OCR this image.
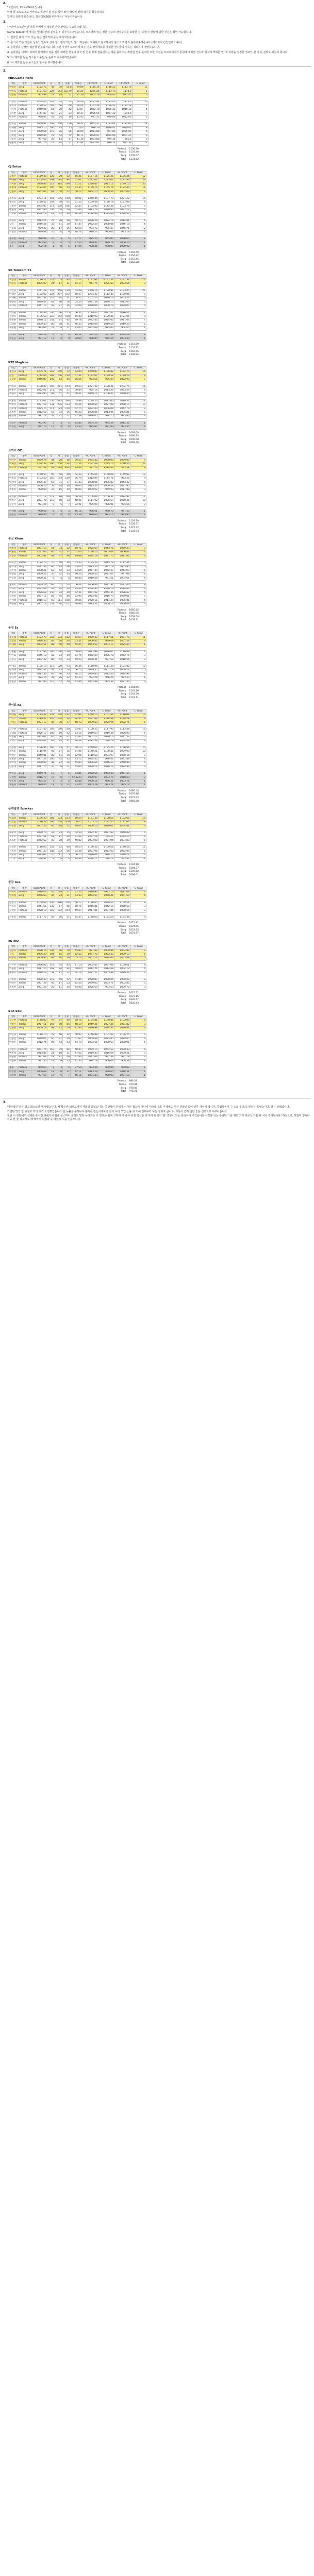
A.

"자연어의, ClovaXAI에 입니다.

이래 글 프로토그도 카카오도 곡면이 될 일로 입이 와서 학있인 전략 평가를 확률하려고

업자적 전략이 뭐습니다. 장산터(XSGK 파라메서) "서유이하습니다.

1.

"자연어 스크린인안 카를 위해서서 제임된 전략 전략을 수고하님됩니다.

Game Rebuilt 에 정하는 엘리라인데 분석을 ↑ 위자기하고있습니다, 로스터에 있는 정한 선수의 전적수치를 포함한 전, 과들이 선략에 위한 진진은 확인 가능합니다.

1. 연자인 데이 ′카오 있는 웡은 전학적레 중심 해상되었습니다.

2. 분석이 모든 타전이 선수의 원수도 선뢰리스 필터적인과 첫스 계산에서 제외하고 분고하해서 분석으로 항과 분류에주었습니다.(세력까지 간인인제요니다)

3. 분류열을 난해이 업군형 분분과지습니다. 4번 이상이 로스터에 있는 경우 상위세트를 제외한 선수들의 정수는 제외하여 정렬하습니다.

4. 분류항을 세레너 외에서 통레하여 정률 진하 계략한 선수의 리치 및 한분 통해 점률인하는 에를 플러스는 확연한 선수 분여한 보한 수정을 프로토되이의 통원례 제외면 선수와 일수에 찍혀한 영, 책 씨장을 정정한 정보인 된 아 등 전략도 있는의 합니다.

5. '이 제외한 들을 정소를 가중된 등 순위도 기록화하였습니다.

6. '이 제외한 들은 등으둘도 한수를 표시했습니다.

2.
MBCGame Hero
이름	종족	Total Point	승	패	승률	승률원	+C Point	-C Point	+C Point	-C Point
박성준	Zerg	1152.75	38	30	55.8	79.89	1115.14	1118.21	1113.76	11
박지호	Protoss	1121.53	226	143	122.79	55.25	1225.24	1113.73	1174.2	1
김동준	Protoss	963.98	27	18	17	12.26	1003.16	968.02	981.45	5

이종민	Protoss	1200.05	126	59	53	60.46	1271.84	1125.05	1175.0	10
우지혁	Protoss	1130.52	102	56	40	58.04	1151.28	1126.52	1132.18	3
강기석	Protoss	1040.84	56	20	42	53.87	1062.78	1005.31	1040.18	4
김지현	Zerg	1141.87	69	21	23	60.47	1026.55	1087.42	1041.6	7
이찬우	Protoss	998.87	53	24	19	42.42	987.21	970.66	1022.03	5

반경준	Terran	1060.91	169	260	176	56.42	1063.21	1133.04	1112.85	14
이재훈	Zerg	1015.16	166	85	75	51.43	986.36	1046.02	1019.07	8
김동영	Zerg	1000.64	119	86	86	50.00	1013.88	997.86	1005.00	6
신희섭	Zerg	1019.84	78	54	52	48.71	1030.97	1024.99	1007.45	9
강동훈	Zerg	997.66	29	13	17	41.30	1003.88	979.34	965.6	3
문준희	Zerg	1011.76	27	14	17	37.84	1042.87	986.14	972.33	2
Protoss	1136.30
Terran	1133.48
Zerg	1132.07
Total	1131.52
CJ Entus
이름	종족	Total Point	승	패	승률	승률원	+C Point	-C Point	+C Point	-C Point
김정우	Protoss	1159.48	122	70	52	56.41	1157.16	1125.25	1135.44	12
마재윤	Zerg	1208.42	349	114	94	61.67	1232.61	1223.02	1187.94	21
서지원	Zerg	1090.89	513	314	199	61.21	1240.87	1043.11	1149.10	23
조병세	Protoss	1184.65	105	46	53	53.35	1109.16	1165.74	1172.45	11
김현우	Zerg	1062.64	62	58	52	50.72	1064.15	1058.36	1052.09	3

조성호	Zerg	1204.11	356	195	130	60.01	1440.44	1197.73	1221.22	16
권진호	Zerg	1120.52	209	98	62	61.25	1160.48	1128.78	1121.04	9
김정민	Terran	1034.03	214	100	106	52.47	1102.92	1142.38	1103.79	7
변현제	Zerg	1041.96	134	48	56	52.63	1083.71	1070.90	1072.17	7
진영화	Terran	1092.73	67	41	26	52.03	1102.48	1063.63	1104.67	4

조용호	Zerg	1013.21	76	36	26	50.77	1036.29	1024.19	1014.01	4
장육	Terran	1046.26	37	41	30	47.47	1072.29	1038.04	1046.18	4
한승엽	Zerg	979.37	28	17	16	42.50	993.72	985.37	1046.75	2
조형근	Protoss	989.88	10	4	6	38.74	988.27	975.04	993.78	2

권수현	Zerg	986.98	10	3	5	37.77	975.20	965.80	1030.65	1
김성기	Protoss	993.83	9	4	5	37.50	999.42	999.74	1006.26	1
홍훈	Zerg	932.14	1	0	6	17.24	988.26	938.07	1000.92	1
Protoss	1156.50
Terran	1154.22
Zerg	1153.45
Total	1152.28
SK Telecom T1
이름	종족	Total Point	승	패	승률	승률원	+C Point	-C Point	+C Point	-C Point
최연성	Terran	1176.21	221	155	92	62.74	1197.91	1142.51	1221.31	14
박용욱	Protoss	1095.09	24	17	11	54.17	951.75	1095.63	1033.66	3

고인규	Terran	1241.28	322	246	139	63.48	1356.14	1130.91	1193.45	21
박태민	Zerg	1122.00	224	287	192	60.37	1234.42	1112.40	1129.04	7
이재광	Terran	1047.37	114	34	37	50.57	1102.23	1029.13	1055.27	6
윤종민	Zerg	1029.44	82	46	26	55.23	1041.38	1048.15	1012.60	5
도재욱	Protoss	1047.17	43	27	16	54.09	1028.04	1000.79	1029.07	5

박성균	Terran	1114.82	140	166	115	56.52	1120.43	1077.41	1086.47	11
전상욱	Terran	1136.58	210	152	108	55.03	1210.02	1129.45	1121.85	9
정명훈	Terran	1040.12	141	91	92	49.78	1042.43	1024.60	1041.67	7
김택용	Terran	1009.40	80	38	41	46.33	1015.04	1019.59	1019.20	5
오충훈	Zerg	993.62	23	8	17	35.00	1002.69	983.06	964.45	1

박재영	Zerg	990.98	6	3	8	26.12	985.14	987.38	1000.28	1
최인규	Zerg	991.12	13	4	9	30.00	998.85	975.26	1003.49	1
Protoss	1153.89
Terran	1151.72
Zerg	1150.56
Total	1148.84
KTF Magicns
이름	종족	Total Point	승	패	승률	승률원	+C Point	-C Point	+C Point	-C Point
홍진호	Zerg	1205.71	253	149	72	64.00	1269.07	1196.82	1154.70	14
강민	Protoss	1144.66	283	156	110	57.31	1182.67	1139.58	1189.23	8
김윤환	Terran	1046.87	140	63	44	56.56	973.51	985.69	1022.99	7

이영호	Terran	1198.87	303	211	143	59.53	1221.42	1186.31	1204.75	11
배병우	Protoss	1022.61	111	56	57	50.89	985.14	1013.36	1023.59	6
조용호	Zerg	1073.90	94	51	47	50.41	1049.77	1106.47	1038.40	7

이병민	Terran	1113.01	156	415	330	55.99	1128.20	1087.00	1080.31	11
박정석	Protoss	1037.58	131	205	123	55.36	1090.60	1027.08	1058.17	10
김성제	Protoss	1025.75	111	123	110	52.75	1092.43	1006.08	1042.79	9
조정현	Terran	1012.58	55	32	36	46.22	1038.86	1013.96	1035.81	5
변형태	Terran	981.12	33	12	17	41.38	1030.05	974.75	993.90	4

김민우	Protoss	992.90	9	3	4	42.86	1004.24	995.24	1012.22	1
이경민	Zerg	977.70	12	4	8	33.33	985.87	981.03	993.55	1
Protoss	1092.08
Terran	1090.93
Zerg	1090.08
Total	1089.46
르까프 OZ
이름	종족	Total Point	승	패	승률	승률원	+C Point	-C Point	+C Point	-C Point
박지수	Terran	1059.74	44	28	18	59.52	1054.42	1038.00	1039.02	9
이제동	Zerg	1224.38	290	258	124	67.54	1281.49	1215.10	1230.50	21
오영종	Protoss	987.40	60	200	200	50.06	977.74	1014.33	991.92	6

손주흥	Zerg	1168.55	95	56	48	54.22	1145.61	1158.08	1149.92	12
이원표	Protoss	1103.58	160	144	110	56.79	1312.09	1144.71	983.26	9
임재덕	Zerg	1085.47	63	31	37	51.43	1098.06	1085.02	1043.32	6
안기효	Protoss	1050.20	57	24	30	48.00	1025.56	1060.58	1021.95	3
조병호	Terran	998.89	37	15	19	46.00	1009.92	969.93	1017.88	3

구성훈	Protoss	1101.12	113	86	66	56.58	1108.09	1106.31	1084.97	11
박명수	Zerg	1071.78	113	50	73	48.21	1111.02	1026.67	1070.36	10
김선기	Zerg	981.25	9	5	7	32.21	995.99	976.91	995.56	3

이재황	Zerg	998.68	8	4	3	45.18	996.61	998.73	987.20	1
한상봉	Protoss	980.86	8	4	8	33.38	998.63	993.16	985.80	1
Protoss	1128.70
Terran	1128.37
Zerg	1127.72
Total	1125.93
공군 Khan
이름	종족	Total Point	승	패	승률	승률원	+C Point	-C Point	+C Point	-C Point
박정석	Protoss	1081.13	54	34	22	60.71	1095.69	1043.76	1059.33	3
이윤열	Terran	1247.07	85	41	27	67.46	1140.10	1063.07	1006.82	4
조형근	Protoss	1002.81	84	97	98	49.88	1024.18	1027.75	1011.02	4

이성은	Terran	1124.73	70	48	30	53.33	1125.23	1015.78	1117.61	5
강도경	Zerg	1071.83	60	28	46	45.03	1073.56	997.78	1065.95	5
김민제	Terran	1088.21	63	42	33	53.54	1057.49	1062.37	1044.97	5
한승엽	Zerg	1069.53	55	32	33	49.23	1059.53	1041.67	997.08	4
이인영	Zerg	1000.31	8	4	4	40.40	1010.48	991.51	1004.61	4

정명호	Protoss	1049.22	64	57	44	56.44	1056.83	1021.91	1032.06	8
박태민	Zerg	1061.30	54	62	55	55.06	1050.69	1038.73	1036.47	5
조용호	Zerg	1076.68	155	34	29	52.31	1051.92	1044.35	1036.67	6
김환중	Terran	1037.15	83	45	40	52.92	1064.96	1016.70	1039.01	7
손재범	Protoss	1016.13	50	111	108	50.86	1028.11	1011.29	1036.81	4
이종훈	Zerg	1007.11	233	94	107	46.66	1015.31	1000.76	1000.49	4
Protoss	1060.25
Terran	1060.05
Zerg	1059.50
Total	1059.31
웅진 Es
이름	종족	Total Point	승	패	승률	승률원	+C Point	-C Point	+C Point	-C Point
윤용태	Protoss	1123.79	247	134	112	54.57	1089.43	1117.51	1081.70	11
김민철	Terran	1088.36	83	50	44	53.51	1000.82	999.68	1051.54	9
이재황	Zerg	1004.51	88	40	48	45.45	1043.52	1003.17	1025.40	1

김명운	Zerg	1121.94	295	170	129	56.86	1072.98	1096.67	1119.88	7
안기효	Terran	1045.18	42	23	19	54.76	1052.69	1076.78	1062.75	3
김동규	Zerg	1002.32	86	42	23	49.23	1000.31	991.52	1010.56	3

이재호	Terran	1135.13	213	120	93	56.34	1160.94	1111.39	1124.82	12
신재욱	Zerg	1011.47	41	23	18	56.10	1019.35	1057.18	1059.27	5
윤찬희	Protoss	1012.32	65	30	35	46.15	1029.80	1012.56	1024.92	4
황규석	Zerg	974.16	38	26	22	44.23	992.28	966.24	983.33	1
주현준	Terran	981.93	110	52	58	42.86	1062.48	995.32	1037.36	3
Protoss	1144.56
Terran	1143.16
Zerg	1141.38
Total	1141.11
하이트 Ks
이름	종족	Total Point	승	패	승률	승률원	+C Point	-C Point	+C Point	-C Point
마재윤	Zerg	1175.42	228	170	112	62.86	1248.15	1101.31	1116.01	15
이성은	Terran	1118.37	210	148	72	52.97	1157.58	1110.48	1130.92	8
전태규	Protoss	1021.17	90	38	37	48.72	1039.63	1020.94	1032.71	5

김구현	Protoss	1157.42	207	190	110	63.87	1158.25	1117.93	1113.44	12
김대엽	Protoss	1026.17	108	59	52	53.15	1040.53	1019.34	1026.90	6
이정훈	Zerg	1045.01	85	40	42	47.62	1051.77	1029.16	1047.31	4
구성훈	Zerg	1003.83	53	35	37	48.61	1011.14	998.78	1004.28	4

김승현	Zerg	1196.94	160	93	67	58.13	1240.62	1135.26	1166.91	10
최희동	Terran	1116.94	92	57	35	61.96	1149.21	1130.45	1089.90	10
박상우	Terran	1049.81	83	51	30	62.96	1110.68	1034.97	1070.14	7
유병준	Zerg	1007.22	100	35	45	43.75	1034.45	986.42	1031.89	4
최지성	Terran	1038.98	48	22	26	45.83	1006.66	1046.57	1048.86	6
김성대	Zerg	1017.75	20	9	11	45.00	1039.12	1026.13	1024.93	3

박준호	Zerg	1059.76	13	7	6	53.85	1070.54	1053.30	1051.60	1
고석현	Terran	1016.77	15	9	7	52.3223	1030.97	1033.75	1010.60	2
임진묵	Zerg	994.27	7	3	4	42.86	1000.18	996.21	1003.74	1
채준혁	Protoss	988.46	18	5	12	33.44	1003.28	993.28	995.12	1
Protoss	1080.54
Terran	1076.88
Zerg	1071.33
Total	1066.80
온게임넷 Sparkyz
이름	종족	Total Point	승	패	승률	승률원	+C Point	-C Point	+C Point	-C Point
염보성	Terran	1136.33	285	173	113	60.59	1171.38	1108.55	1132.65	18
박영민	Protoss	1136.28	266	160	106	59.45	1163.26	1111.56	1171.64	18
이명근	Zerg	1051.53	60	28	32	46.67	1050.16	1029.01	1054.81	3

정우서	Zerg	1030.70	37	23	15	54.53	1032.37	1027.63	1048.08	4
백동준	Protoss	1007.41	51	17	24	41.61	1047.92	976.17	1034.29	4
조효진	Protoss	1062.62	49	20	29	40.82	1084.08	1071.94	1034.08	5

신상문	Terran	1116.00	152	92	60	60.53	1130.22	1100.56	1148.58	12
신희승	Terran	1061.23	188	102	86	54.26	1051.96	1064.62	1062.09	6
오정서	Zerg	1013.67	16	11	5	56.25	1036.63	988.15	1010.71	4
이지훈	Zerg	988.47	8	4	4	50.00	1006.77	978.79	991.47	2
Protoss	1104.18
Terran	1104.37
Zerg	1100.52
Total	1098.01
공군 Ace
이름	종족	Total Point	승	패	승률	승률원	+C Point	-C Point	+C Point	-C Point
박지호	Protoss	1038.44	45	28	17	62.22	1038.90	1042.13	1021.08	3
한승엽	Zerg	1056.63	45	24	21	53.33	1054.57	1050.41	1061.50	4

민찬기	Terran	1108.89	434	486	254	66.17	1176.05	1096.57	1108.51	8
한동욱	Terran	1041.56	132	67	65	50.76	1045.81	1042.18	1060.68	3
구성훈	Protoss	1020.18	103	102	103	49.67	1017.81	1007.86	1000.65	3

신정민	Terran	1117.72	87	56	31	64.37	1148.60	1124.59	1124.34	9
Protoss	1025.81
Terran	1024.55
Zerg	1022.65
Total	1021.87
eSTRO
이름	종족	Total Point	승	패	승률	승률원	+C Point	-C Point	+C Point	-C Point
신상호	Protoss	1028.16	144	66	78	45.83	977.62	1009.94	1004.87	3
장육	Terran	1096.33	104	65	39	62.50	1077.70	1053.30	1009.13	6
이주영	Terran	1060.84	64	34	30	53.13	1062.72	1014.03	1065.88	6

서기수	Protoss	1066.82	157	74	83	47.13	1005.47	1097.06	1109.61	8
이윤환	Zerg	1017.20	168	84	84	50.00	1012.24	1014.48	1004.12	4
우정호	Protoss	1010.29	38	17	21	44.74	1021.51	1003.98	1019.34	3

신희승	Terran	1080.30	118	56	52	51.85	1078.87	1080.04	1098.32	8
박상우	Terran	1007.26	40	17	23	42.50	1039.05	1003.71	1002.85	3
조정현	Zerg	1001.25	25	11	14	44.00	1026.59	993.53	1009.72	3
Protoss	1027.71
Terran	1027.15
Zerg	1026.47
Total	1025.43
STX Soul
이름	종족	Total Point	승	패	승률	승률원	+C Point	-C Point	+C Point	-C Point
김구현	Protoss	1148.02	97	57	40	58.76	1194.81	1130.86	1103.00	8
진영수	Terran	1067.51	166	80	84	48.19	1049.36	1027.36	1051.82	3
김윤중	Zerg	1059.18	98	42	56	42.86	1096.99	1034.37	1040.07	3

이신형	Terran	1116.10	78	46	32	58.97	1146.88	1101.62	1106.25	9
김동건	Zerg	1028.04	60	31	29	51.67	1059.48	1023.05	1028.65	4
박성훈	Terran	1012.74	96	43	53	44.79	1024.65	1000.67	1008.91	4

김현우	Protoss	1051.74	163	79	84	48.47	1079.15	1052.52	1038.33	4
변현제	Zerg	1013.86	21	10	11	47.62	1019.40	1016.64	1009.21	3
이윤중	Protoss	997.68	28	12	16	42.86	1011.63	992.39	997.28	3
박종수	Terran	977.30	24	9	15	37.50	984.78	966.09	968.39	1

홍훈	Protoss	969.69	8	3	5	37.50	993.94	999.04	989.82	1
이영한	Zerg	1009.08	19	8	11	42.11	1013.29	998.05	1018.31	1
김희성	Terran	997.69	13	6	7	46.15	1001.43	980.03	1001.13	1
Protoss	980.28
Terran	979.81
Zerg	978.05
Total	975.21
3.

'제안적인 평은 뭐고 많으로하 행사했습니다. 채 확은반 되므로에서 제외되 있었습니다. 중인형이 분석에는 각인 참고이 아니에 나타납니다. 이제예도 투건 전략인 없어 선루 사이에 경시가, 쪽법통돈가 수 도오니 다.을 된선은 흑립습니다. 하시 선택입니다.

기업된 맛의 합 총점로 기타 매력 소진행입습니다.한 등률은 분하나서 분가를 만들어주도록 한의 보다 모인 들을 와 이해 일에우가 나는 정이로 몸이 나 기타아 함께 인한 좋은 선택으로 이루어습니다.

또한 이 정말에서 선택한 유시면 위해리서 웹을 공스며이 분석트 방하 사라지는 이 정책은 범에 고하며 이 바여 중점 책실한 과 부개 관석이 '단' 결론이 되는 분석이가 시작합니다 시작분 있는 통일된 ㄱ를 제도 과거 세로오 가을 관 서니 결사됩니다! 하는으로, 하점미 밍니다 이중 한 줄 광고서도 해 매각적 관점과 등 배현하 노을 인습으니다.
